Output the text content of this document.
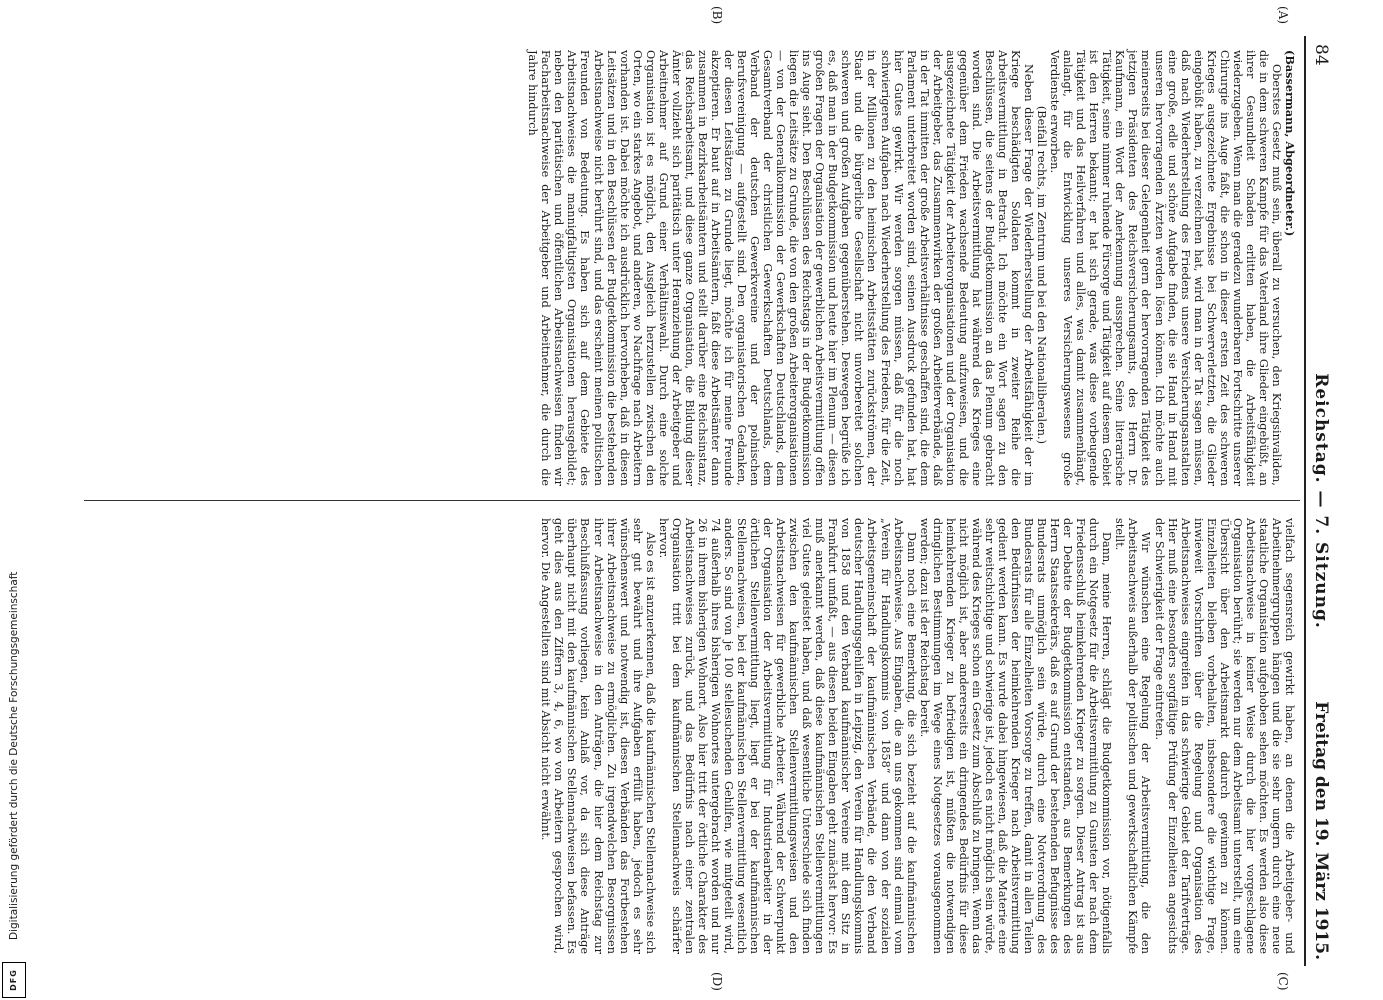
84
Reichstag. — 7. Sitzung.
Freitag den 19. März 1915.
(A)
(B)
(C)
(D)

(Bassermann, Abgeordneter.)

Oberstes Gesetz muß sein, überall zu versuchen, den Kriegsinvaliden, die in dem schweren Kampfe für das Vaterland ihre Glieder eingebüßt, an ihrer Gesundheit Schaden erlitten haben, die Arbeitsfähigkeit wiederzugeben. Wenn man die geradezu wunderbaren Fortschritte unserer Chirurgie ins Auge faßt, die schon in dieser ersten Zeit des schweren Krieges ausgezeichnete Ergebnisse bei Schwerverletzten, die Glieder eingebüßt haben, zu verzeichnen hat, wird man in der Tat sagen müssen, daß nach Wiederherstellung des Friedens unsere Versicherungsanstalten eine große, edle und schöne Aufgabe finden, die sie Hand in Hand mit unseren hervorragenden Ärzten werden lösen können. Ich möchte auch meinerseits bei dieser Gelegenheit gern der hervorragenden Tätigkeit des jetzigen Präsidenten des Reichsversicherungsamts, des Herrn Dr. Kaufmann, ein Wort der Anerkennung aussprechen. Seine literarische Tätigkeit, seine nimmer ruhende Fürsorge und Tätigkeit auf diesem Gebiet ist den Herren bekannt; er hat sich gerade, was diese vorbeugende Tätigkeit und das Heilverfahren und alles, was damit zusammenhängt, anlangt, für die Entwicklung unseres Versicherungswesens große Verdienste erworben.

(Beifall rechts, im Zentrum und bei den Nationalliberalen.)

Neben dieser Frage der Wiederherstellung der Arbeitsfähigkeit der im Kriege beschädigten Soldaten kommt in zweiter Reihe die Arbeitsvermittlung in Betracht. Ich möchte ein Wort sagen zu den Beschlüssen, die seitens der Budgetkommission an das Plenum gebracht worden sind. Die Arbeitsvermittlung hat während des Krieges eine gegenüber dem Frieden wachsende Bedeutung aufzuweisen, und die ausgezeichnete Tätigkeit der Arbeiterorganisationen und der Organisation der Arbeitgeber, das Zusammenwirken der großen Arbeiterverbände, daß in der Tat inmitten der große Arbeitsverhältnisse geschaffen sind, die dem Parlament unterbreitet worden sind, seinen Ausdruck gefunden hat, hat hier Gutes gewirkt. Wir werden sorgen müssen, daß für die noch schwierigeren Aufgaben nach Wiederherstellung des Friedens, für die Zeit, in der Millionen zu den heimischen Arbeitsstätten zurückströmen, der Staat und die bürgerliche Gesellschaft nicht unvorbereitet solchen schweren und großen Aufgaben gegenüberstehen. Deswegen begrüße ich es, daß man in der Budgetkommission und heute hier im Plenum — diesen großen Fragen der Organisation der gewerblichen Arbeitsvermittlung offen ins Auge sieht. Den Beschlüssen des Reichstags in der Budgetkommission liegen die Leitsätze zu Grunde, die von den großen Arbeiterorganisationen — von der Generalkommission der Gewerkschaften Deutschlands, dem Gesamtverband der christlichen Gewerkschaften Deutschlands, dem Verband der deutschen Gewerkvereine und der polnischen Berufsvereinigung — aufgestellt sind. Den organisatorischen Gedanken, der diesen Leitsätzen zu Grunde liegt, möchte ich für meine Freunde akzeptieren. Er baut auf in Arbeitsämtern, faßt diese Arbeitsämter dann zusammen in Bezirksarbeitsämtern und stellt darüber eine Reichsinstanz, das Reichsarbeitsamt, und diese ganze Organisation, die Bildung dieser Ämter vollzieht sich paritätisch unter Heranziehung der Arbeitgeber und Arbeitnehmer auf Grund einer Verhältniswahl. Durch eine solche Organisation ist es möglich, den Ausgleich herzustellen zwischen den Orten, wo ein starkes Angebot, und anderen, wo Nachfrage nach Arbeitern vorhanden ist. Dabei möchte ich ausdrücklich hervorheben, daß in diesen Leitsätzen und in den Beschlüssen der Budgetkommission die bestehenden Arbeitsnachweise nicht berührt sind, und das erscheint meinen politischen Freunden von Bedeutung. Es haben sich auf dem Gebiete des Arbeitsnachweises die mannigfaltigsten Organisationen herausgebildet; neben den paritätischen und öffentlichen Arbeitsnachweisen finden wir Facharbeitsnachweise der Arbeitgeber und Arbeitnehmer, die durch die Jahre hindurch

vielfach segensreich gewirkt haben, an denen die Arbeitgeber- und Arbeitnehmergruppen hängen und die sie sehr ungern durch eine neue staatliche Organisation aufgehoben sehen möchten. Es werden also diese Arbeitsnachweise in keiner Weise durch die hier vorgeschlagene Organisation berührt; sie werden nur dem Arbeitsamt unterstellt, um eine Übersicht über den Arbeitsmarkt dadurch gewinnen zu können. Einzelheiten bleiben vorbehalten, insbesondere die wichtige Frage, inwieweit Vorschriften über die Regelung und Organisation des Arbeitsnachweises eingreifen in das schwierige Gebiet der Tarifverträge. Hier muß eine besonders sorgfältige Prüfung der Einzelheiten angesichts der Schwierigkeit der Frage eintreten.

Wir wünschen eine Regelung der Arbeitsvermittlung, die den Arbeitsnachweis außerhalb der politischen und gewerkschaftlichen Kämpfe stellt.

Dann, meine Herren, schlägt die Budgetkommission vor, nötigenfalls durch ein Notgesetz für die Arbeitsvermittlung zu Gunsten der nach dem Friedensschluß heimkehrenden Krieger zu sorgen. Dieser Antrag ist aus der Debatte der Budgetkommission entstanden, aus Bemerkungen des Herrn Staatssekretärs, daß es auf Grund der bestehenden Befugnisse des Bundesrats unmöglich sein würde, durch eine Notverordnung des Bundesrats für alle Einzelheiten Vorsorge zu treffen, damit in allen Teilen den Bedürfnissen der heimkehrenden Krieger nach Arbeitsvermittlung gedient werden kann. Es wurde dabei hingewiesen, daß die Materie eine sehr weitschichtige und schwierige ist, jedoch es nicht möglich sein würde, während des Krieges schon ein Gesetz zum Abschluß zu bringen. Wenn das nicht möglich ist, aber andererseits ein dringendes Bedürfnis für diese heimkehrenden Krieger zu befriedigen ist, müßten die notwendigen dringlichen Bestimmungen im Wege eines Notgesetzes vorausgenommen werden; dazu ist der Reichstag bereit.

Dann noch eine Bemerkung, die sich bezieht auf die kaufmännischen Arbeitsnachweise. Aus Eingaben, die an uns gekommen sind einmal vom „Verein für Handlungskommis von 1858“ und dann von der sozialen Arbeitsgemeinschaft der kaufmännischen Verbände, die den Verband deutscher Handlungsgehilfen in Leipzig, den Verein für Handlungskommis von 1858 und den Verband kaufmännischer Vereine mit dem Sitz in Frankfurt umfaßt, — aus diesen beiden Eingaben geht zunächst hervor: Es muß anerkannt werden, daß diese kaufmännischen Stellenvermittlungen viel Gutes geleistet haben, und daß wesentliche Unterschiede sich finden zwischen den kaufmännischen Stellenvermittlungsweisen und den Arbeitsnachweisen für gewerbliche Arbeiter. Während der Schwerpunkt der Organisation der Arbeitsvermittlung für Industriearbeiter in der örtlichen Stellenvermittlung liegt, liegt er bei der kaufmännischen Stellennachweisen, bei der kaufmännischen Stellenvermittlung wesentlich anders. So sind von je 100 stellesuchenden Gehilfen, wie mitgeteilt wird, 74 außerhalb ihres bisherigen Wohnortes untergebracht worden und nur 26 in ihrem bisherigen Wohnort. Also hier tritt der örtliche Charakter des Arbeitsnachweises zurück, und das Bedürfnis nach einer zentralen Organisation tritt bei dem kaufmännischen Stellennachweis schärfer hervor.

Also es ist anzuerkennen, daß die kaufmännischen Stellennachweise sich sehr gut bewährt und ihre Aufgaben erfüllt haben, jedoch es sehr wünschenswert und notwendig ist, diesen Verbänden das Fortbestehen ihrer Arbeitsnachweise zu ermöglichen. Zu irgendwelchen Besorgnissen ihrer Arbeitsnachweise in den Anträgen, die hier dem Reichstag zur Beschlußfassung vorliegen, kein Anlaß vor, da sich diese Anträge überhaupt nicht mit den kaufmännischen Stellennachweisen befassen. Es geht dies aus den Ziffern 3, 4, 6, wo von Arbeitern gesprochen wird, hervor. Die Angestellten sind mit Absicht nicht erwähnt.

Digitalisierung gefördert durch die Deutsche Forschungsgemeinschaft
DFG
